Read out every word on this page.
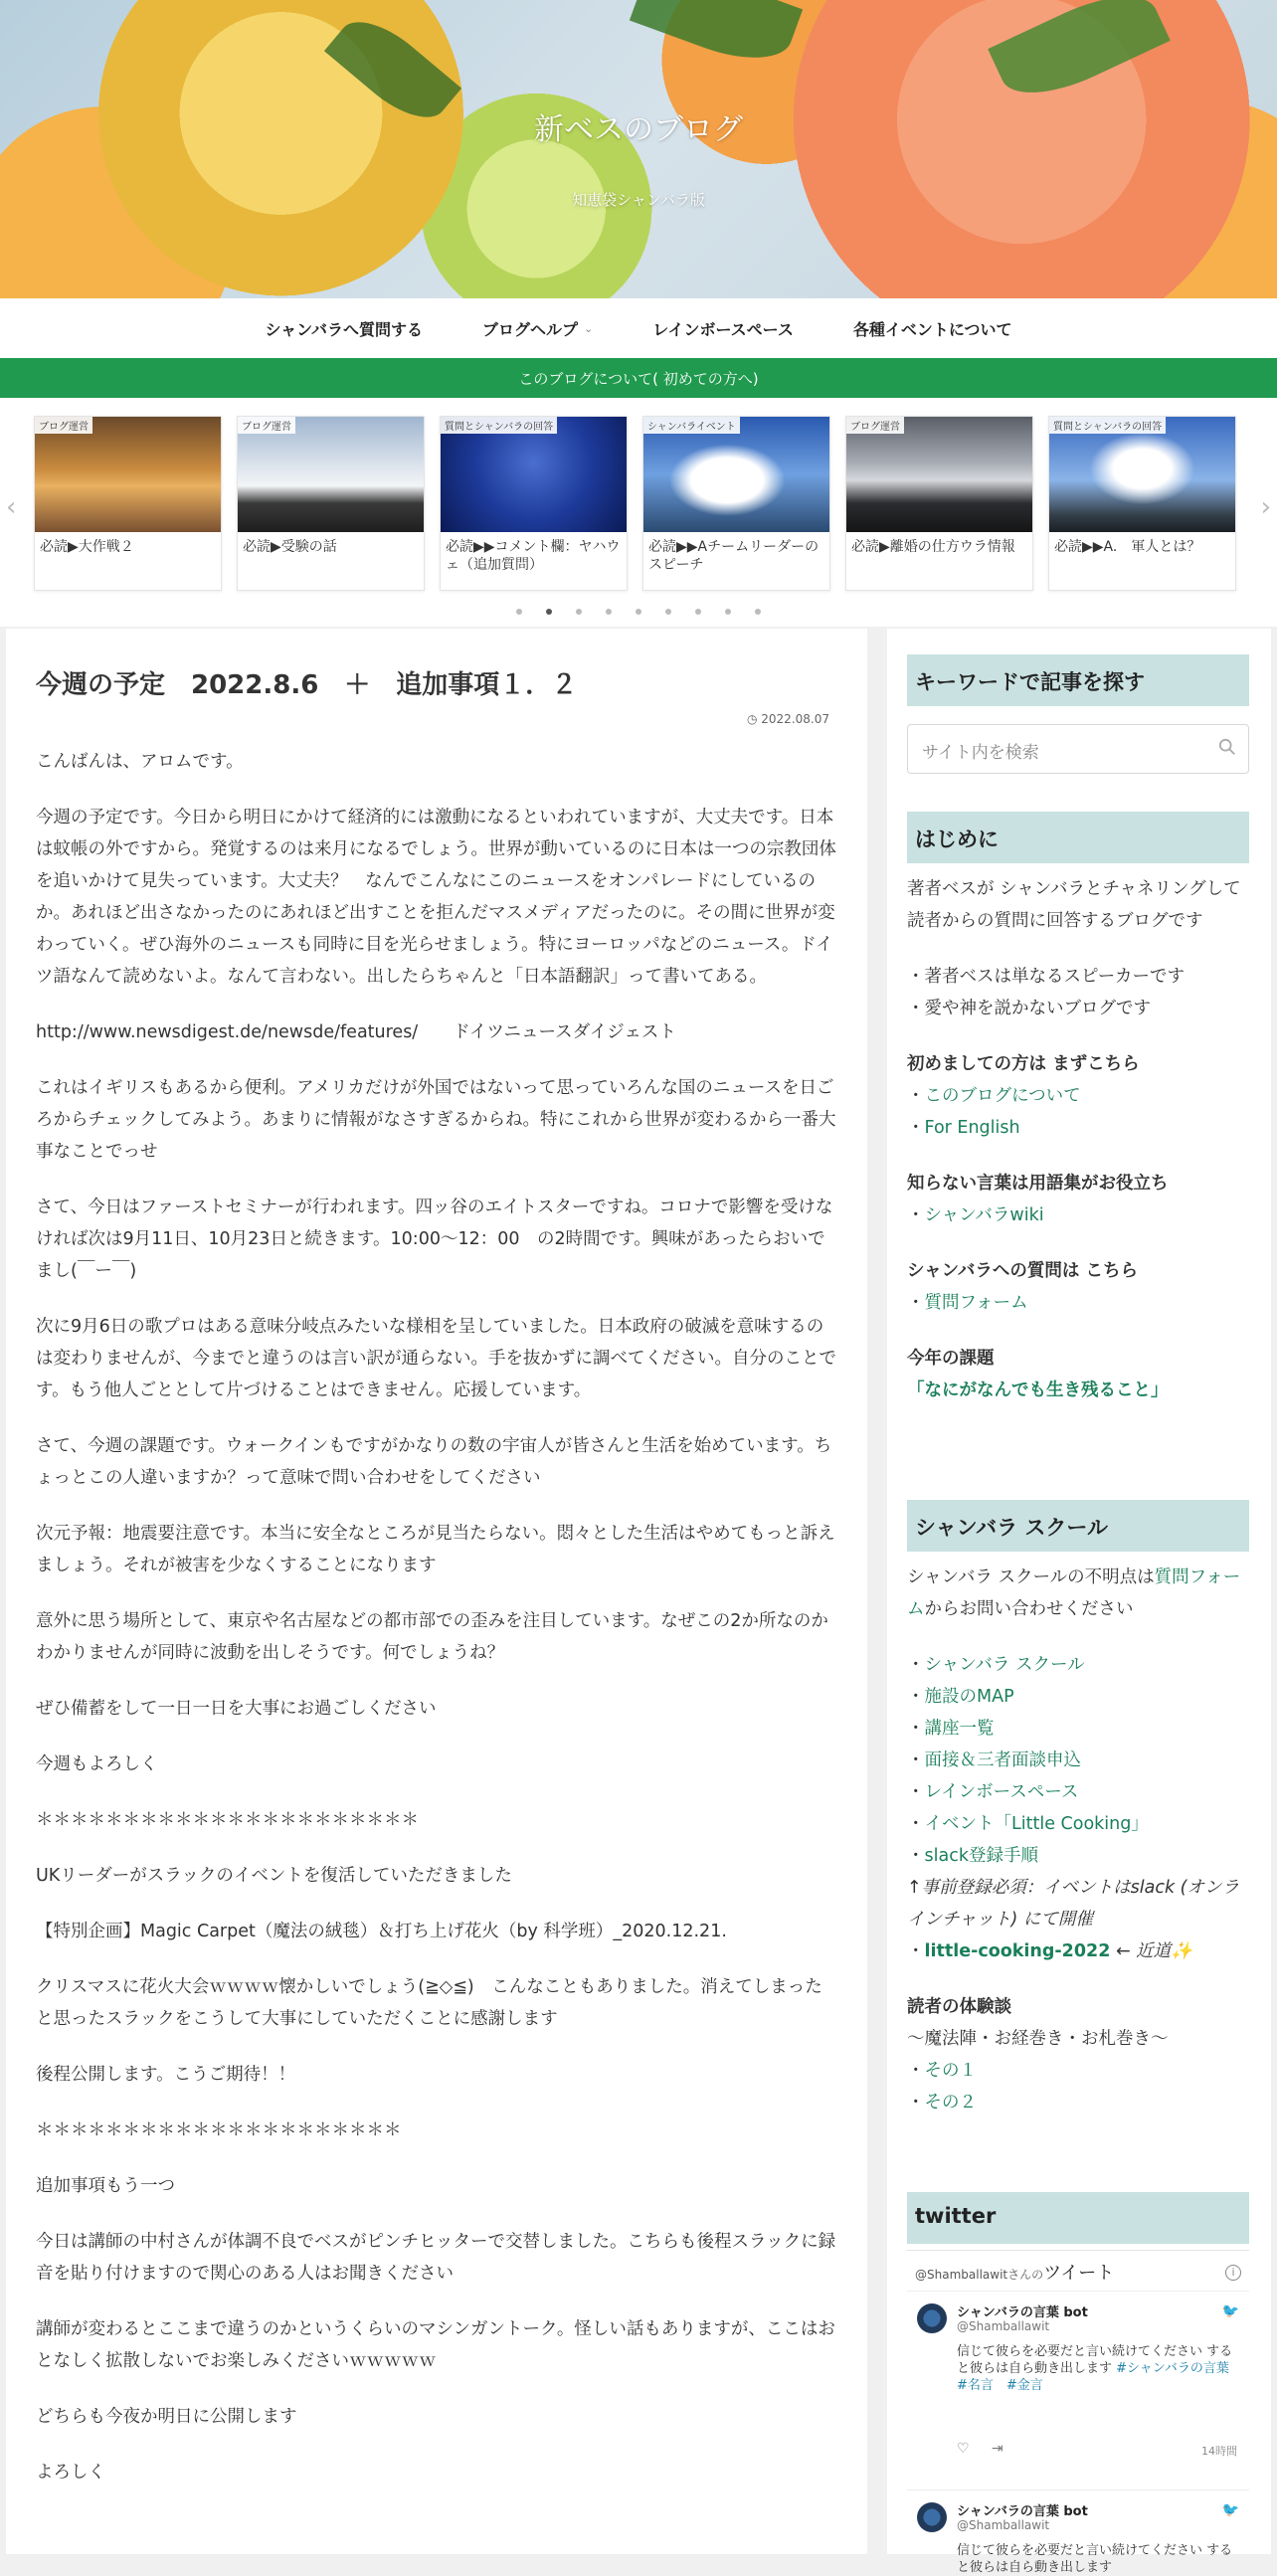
新ベスのブログ
知恵袋シャンバラ版
シャンバラへ質問する	ブログヘルプ ⌄	レインボースペース	各種イベントについて
このブログについて( 初めての方へ)
‹
ブログ運営
必読▶大作戦２
ブログ運営
必読▶受験の話
質問とシャンバラの回答
必読▶▶コメント欄：ヤハウェ（追加質問）
シャンバライベント
必読▶▶Aチームリーダーのスピーチ
ブログ運営
必読▶離婚の仕方ウラ情報
質問とシャンバラの回答
必読▶▶A.　軍人とは？
›
今週の予定　2022.8.6　＋　追加事項１．２
◷ 2022.08.07

こんばんは、アロムです。

今週の予定です。今日から明日にかけて経済的には激動になるといわれていますが、大丈夫です。日本は蚊帳の外ですから。発覚するのは来月になるでしょう。世界が動いているのに日本は一つの宗教団体を追いかけて見失っています。大丈夫？　なんでこんなにこのニュースをオンパレードにしているのか。あれほど出さなかったのにあれほど出すことを拒んだマスメディアだったのに。その間に世界が変わっていく。ぜひ海外のニュースも同時に目を光らせましょう。特にヨーロッパなどのニュース。ドイツ語なんて読めないよ。なんて言わない。出したらちゃんと「日本語翻訳」って書いてある。

http://www.newsdigest.de/newsde/features/　　ドイツニュースダイジェスト

これはイギリスもあるから便利。アメリカだけが外国ではないって思っていろんな国のニュースを日ごろからチェックしてみよう。あまりに情報がなさすぎるからね。特にこれから世界が変わるから一番大事なことでっせ

さて、今日はファーストセミナーが行われます。四ッ谷のエイトスターですね。コロナで影響を受けなければ次は9月11日、10月23日と続きます。10:00〜12：00　の2時間です。興味があったらおいでまし(￣ー￣)

次に9月6日の歌プロはある意味分岐点みたいな様相を呈していました。日本政府の破滅を意味するのは変わりませんが、今までと違うのは言い訳が通らない。手を抜かずに調べてください。自分のことです。もう他人ごととして片づけることはできません。応援しています。

さて、今週の課題です。ウォークインもですがかなりの数の宇宙人が皆さんと生活を始めています。ちょっとこの人違いますか？って意味で問い合わせをしてください

次元予報：地震要注意です。本当に安全なところが見当たらない。悶々とした生活はやめてもっと訴えましょう。それが被害を少なくすることになります

意外に思う場所として、東京や名古屋などの都市部での歪みを注目しています。なぜこの2か所なのかわかりませんが同時に波動を出しそうです。何でしょうね？

ぜひ備蓄をして一日一日を大事にお過ごしください

今週もよろしく

＊＊＊＊＊＊＊＊＊＊＊＊＊＊＊＊＊＊＊＊＊＊

UKリーダーがスラックのイベントを復活していただきました

【特別企画】Magic Carpet（魔法の絨毯）＆打ち上げ花火（by 科学班）_2020.12.21.

クリスマスに花火大会ｗｗｗｗ懐かしいでしょう(≧◇≦)　こんなこともありました。消えてしまったと思ったスラックをこうして大事にしていただくことに感謝します

後程公開します。こうご期待！！

＊＊＊＊＊＊＊＊＊＊＊＊＊＊＊＊＊＊＊＊＊

追加事項もう一つ

今日は講師の中村さんが体調不良でベスがピンチヒッターで交替しました。こちらも後程スラックに録音を貼り付けますので関心のある人はお聞きください

講師が変わるとここまで違うのかというくらいのマシンガントーク。怪しい話もありますが、ここはおとなしく拡散しないでお楽しみくださいｗｗｗｗｗ

どちらも今夜か明日に公開します

よろしく

キーワードで記事を探す
サイト内を検索
はじめに
著者ベスが シャンバラとチャネリングして 読者からの質問に回答するブログです
・著者ベスは単なるスピーカーです
・愛や神を説かないブログです
初めましての方は まずこちら
・このブログについて
・For English
知らない言葉は用語集がお役立ち
・シャンバラwiki
シャンバラへの質問は こちら
・質問フォーム
今年の課題
「なにがなんでも生き残ること」
シャンバラ スクール
シャンバラ スクールの不明点は質問フォームからお問い合わせください
・シャンバラ スクール
・施設のMAP
・講座一覧
・面接＆三者面談申込
・レインボースペース
・イベント「Little Cooking」
・slack登録手順
↑事前登録必須：イベントはslack (オンラインチャット) にて開催
・little-cooking-2022 ← 近道✨
読者の体験談
〜魔法陣・お経巻き・お札巻き〜
・その１
・その２
twitter
@Shamballawitさんのツイート	i
シャンバラの言葉 bot
@Shamballawit
🐦
信じて彼らを必要だと言い続けてください すると彼らは自ら動き出します #シャンバラの言葉　#名言　#金言
♡ ⇥	14時間
シャンバラの言葉 bot
@Shamballawit
🐦
信じて彼らを必要だと言い続けてください すると彼らは自ら動き出します
